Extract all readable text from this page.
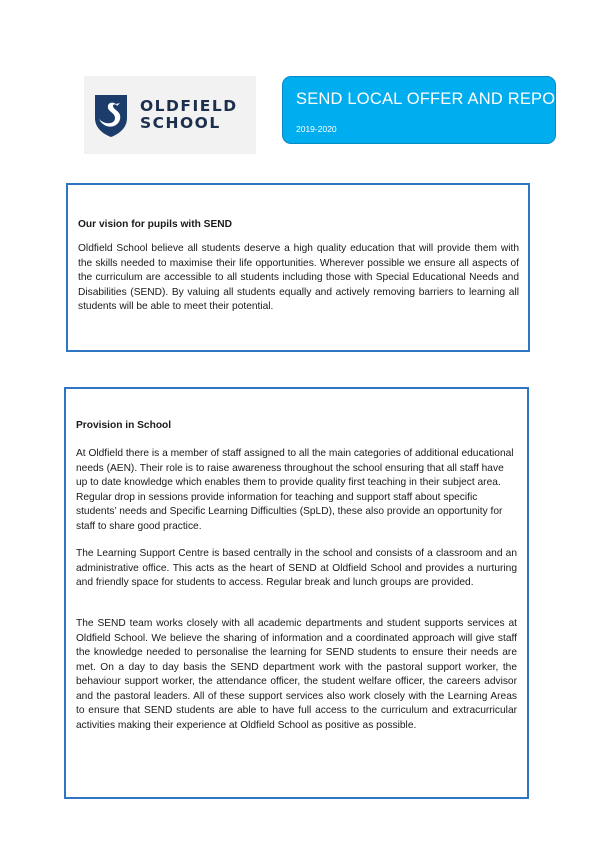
OLDFIELD
SCHOOL
SEND LOCAL OFFER AND REPORT
2019-2020
Our vision for pupils with SEND

Oldfield School believe all students deserve a high quality education that will provide them with the skills needed to maximise their life opportunities. Wherever possible we ensure all aspects of the curriculum are accessible to all students including those with Special Educational Needs and Disabilities (SEND). By valuing all students equally and actively removing barriers to learning all students will be able to meet their potential.

Provision in School

At Oldfield there is a member of staff assigned to all the main categories of additional educational needs (AEN). Their role is to raise awareness throughout the school ensuring that all staff have up to date knowledge which enables them to provide quality first teaching in their subject area. Regular drop in sessions provide information for teaching and support staff about specific students’ needs and Specific Learning Difficulties (SpLD), these also provide an opportunity for staff to share good practice.

The Learning Support Centre is based centrally in the school and consists of a classroom and an administrative office. This acts as the heart of SEND at Oldfield School and provides a nurturing and friendly space for students to access. Regular break and lunch groups are provided.

The SEND team works closely with all academic departments and student supports services at Oldfield School. We believe the sharing of information and a coordinated approach will give staff the knowledge needed to personalise the learning for SEND students to ensure their needs are met. On a day to day basis the SEND department work with the pastoral support worker, the behaviour support worker, the attendance officer, the student welfare officer, the careers advisor and the pastoral leaders. All of these support services also work closely with the Learning Areas to ensure that SEND students are able to have full access to the curriculum and extracurricular activities making their experience at Oldfield School as positive as possible.
